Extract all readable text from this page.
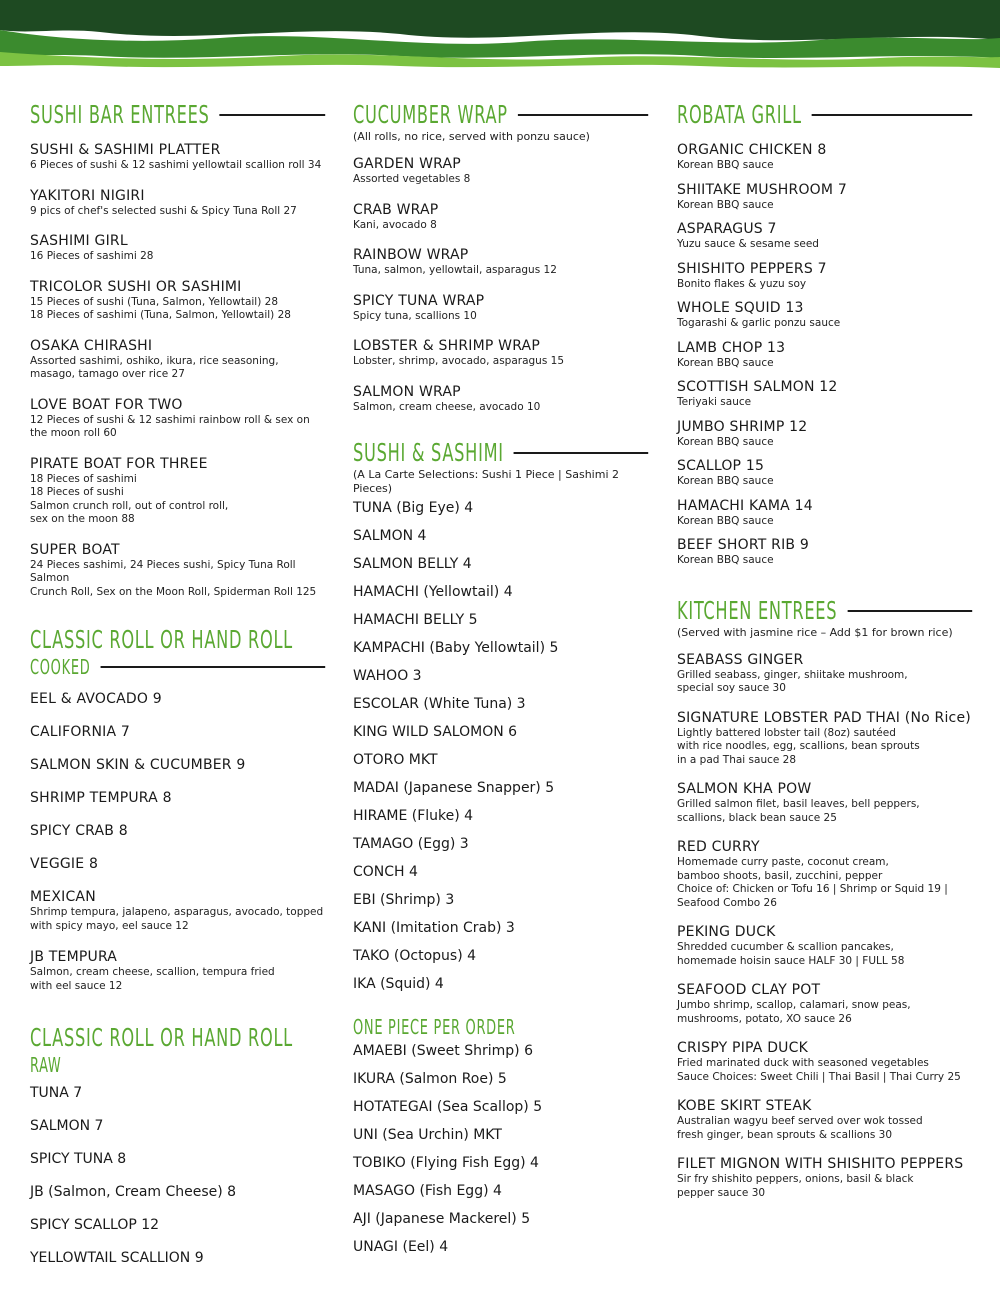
SUSHI BAR ENTREES
SUSHI & SASHIMI PLATTER
6 Pieces of sushi & 12 sashimi yellowtail scallion roll 34
YAKITORI NIGIRI
9 pics of chef's selected sushi & Spicy Tuna Roll 27
SASHIMI GIRL
16 Pieces of sashimi 28
TRICOLOR SUSHI OR SASHIMI
15 Pieces of sushi (Tuna, Salmon, Yellowtail) 28
18 Pieces of sashimi (Tuna, Salmon, Yellowtail) 28
OSAKA CHIRASHI
Assorted sashimi, oshiko, ikura, rice seasoning,
masago, tamago over rice 27
LOVE BOAT FOR TWO
12 Pieces of sushi & 12 sashimi rainbow roll & sex on
the moon roll 60
PIRATE BOAT FOR THREE
18 Pieces of sashimi
18 Pieces of sushi
Salmon crunch roll, out of control roll,
sex on the moon 88
SUPER BOAT
24 Pieces sashimi, 24 Pieces sushi, Spicy Tuna Roll Salmon
Crunch Roll, Sex on the Moon Roll, Spiderman Roll 125
CLASSIC ROLL OR HAND ROLL
COOKED
EEL & AVOCADO 9
CALIFORNIA 7
SALMON SKIN & CUCUMBER 9
SHRIMP TEMPURA 8
SPICY CRAB 8
VEGGIE 8
MEXICAN
Shrimp tempura, jalapeno, asparagus, avocado, topped
with spicy mayo, eel sauce 12
JB TEMPURA
Salmon, cream cheese, scallion, tempura fried
with eel sauce 12
CLASSIC ROLL OR HAND ROLL
RAW
TUNA 7
SALMON 7
SPICY TUNA 8
JB (Salmon, Cream Cheese) 8
SPICY SCALLOP 12
YELLOWTAIL SCALLION 9
CUCUMBER WRAP
(All rolls, no rice, served with ponzu sauce)
GARDEN WRAP
Assorted vegetables 8
CRAB WRAP
Kani, avocado 8
RAINBOW WRAP
Tuna, salmon, yellowtail, asparagus 12
SPICY TUNA WRAP
Spicy tuna, scallions 10
LOBSTER & SHRIMP WRAP
Lobster, shrimp, avocado, asparagus 15
SALMON WRAP
Salmon, cream cheese, avocado 10
SUSHI & SASHIMI
(A La Carte Selections: Sushi 1 Piece | Sashimi 2 Pieces)
TUNA (Big Eye) 4
SALMON 4
SALMON BELLY 4
HAMACHI (Yellowtail) 4
HAMACHI BELLY 5
KAMPACHI (Baby Yellowtail) 5
WAHOO 3
ESCOLAR (White Tuna) 3
KING WILD SALOMON 6
OTORO MKT
MADAI (Japanese Snapper) 5
HIRAME (Fluke) 4
TAMAGO (Egg) 3
CONCH 4
EBI (Shrimp) 3
KANI (Imitation Crab) 3
TAKO (Octopus) 4
IKA (Squid) 4
ONE PIECE PER ORDER
AMAEBI (Sweet Shrimp) 6
IKURA (Salmon Roe) 5
HOTATEGAI (Sea Scallop) 5
UNI (Sea Urchin) MKT
TOBIKO (Flying Fish Egg) 4
MASAGO (Fish Egg) 4
AJI (Japanese Mackerel) 5
UNAGI (Eel) 4
ROBATA GRILL
ORGANIC CHICKEN 8
Korean BBQ sauce
SHIITAKE MUSHROOM 7
Korean BBQ sauce
ASPARAGUS 7
Yuzu sauce & sesame seed
SHISHITO PEPPERS 7
Bonito flakes & yuzu soy
WHOLE SQUID 13
Togarashi & garlic ponzu sauce
LAMB CHOP 13
Korean BBQ sauce
SCOTTISH SALMON 12
Teriyaki sauce
JUMBO SHRIMP 12
Korean BBQ sauce
SCALLOP 15
Korean BBQ sauce
HAMACHI KAMA 14
Korean BBQ sauce
BEEF SHORT RIB 9
Korean BBQ sauce
KITCHEN ENTREES
(Served with jasmine rice – Add $1 for brown rice)
SEABASS GINGER
Grilled seabass, ginger, shiitake mushroom,
special soy sauce 30
SIGNATURE LOBSTER PAD THAI (No Rice)
Lightly battered lobster tail (8oz) sautéed
with rice noodles, egg, scallions, bean sprouts
in a pad Thai sauce 28
SALMON KHA POW
Grilled salmon filet, basil leaves, bell peppers,
scallions, black bean sauce 25
RED CURRY
Homemade curry paste, coconut cream,
bamboo shoots, basil, zucchini, pepper
Choice of: Chicken or Tofu 16 | Shrimp or Squid 19 |
Seafood Combo 26
PEKING DUCK
Shredded cucumber & scallion pancakes,
homemade hoisin sauce HALF 30 | FULL 58
SEAFOOD CLAY POT
Jumbo shrimp, scallop, calamari, snow peas,
mushrooms, potato, XO sauce 26
CRISPY PIPA DUCK
Fried marinated duck with seasoned vegetables
Sauce Choices: Sweet Chili | Thai Basil | Thai Curry 25
KOBE SKIRT STEAK
Australian wagyu beef served over wok tossed
fresh ginger, bean sprouts & scallions 30
FILET MIGNON WITH SHISHITO PEPPERS
Sir fry shishito peppers, onions, basil & black
pepper sauce 30
